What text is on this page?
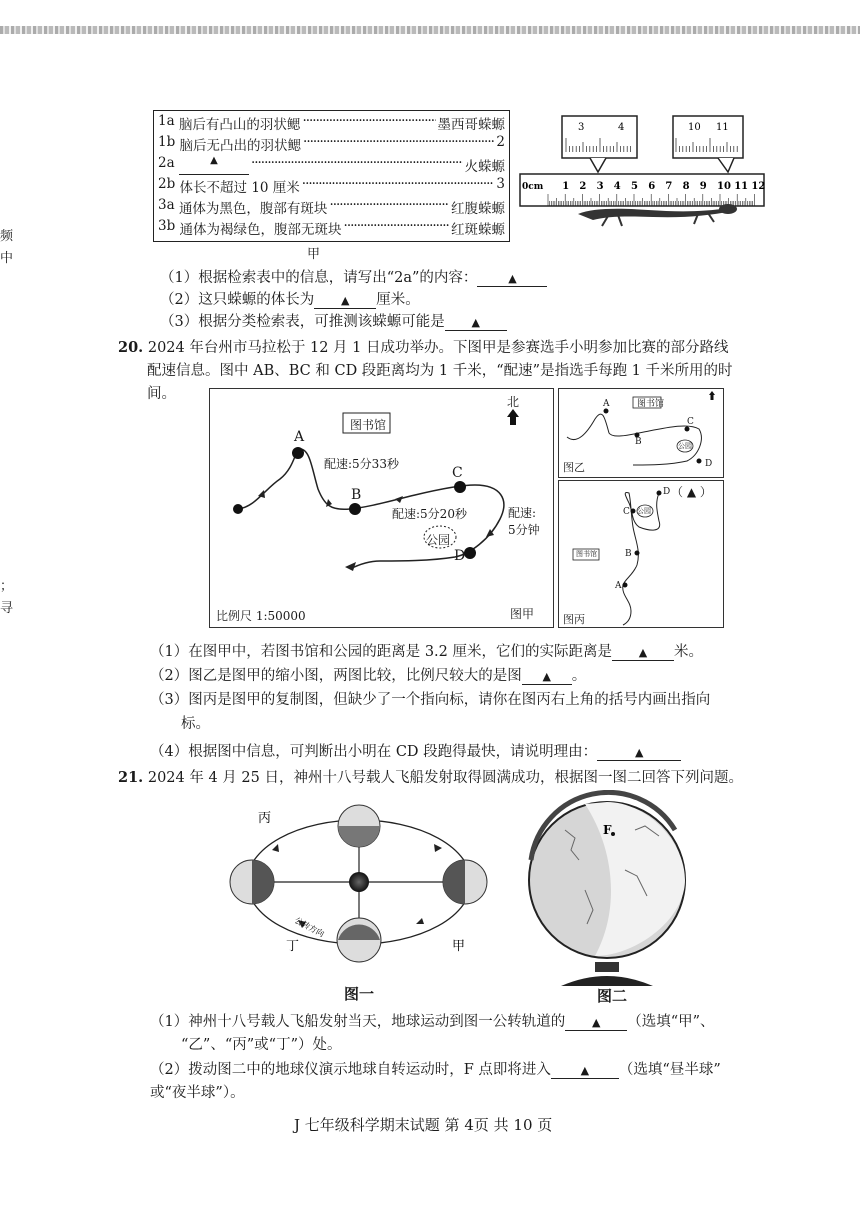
频
中
；
寻
1a
脑后有凸山的羽状鳃 ·····	墨西哥蝾螈
1b
脑后无凸出的羽状鳃 ·····	2
2a
	▲ ·····	火蝾螈
2b
体长不超过 10 厘米 ·····	3
3a
通体为黑色，腹部有斑块 ·····	红腹蝾螈
3b
通体为褐绿色，腹部无斑块 ·····	红斑蝾螈
甲
3	4	10 11
1 2 3 4 5 6 7 8 9 10 11 12
0cm
（1）根据检索表中的信息，请写出“2a”的内容：	▲
（2）这只蝾螈的体长为 ▲ 厘米。
（3）根据分类检索表，可推测该蝾螈可能是 ▲
20. 2024 年台州市马拉松于 12 月 1 日成功举办。下图甲是参赛选手小明参加比赛的部分路线
配速信息。图中 AB、BC 和 CD 段距离均为 1 千米，“配速”是指选手每跑 1 千米所用的时
间。
图书馆
北
A
配速:5分33秒
B
C
配速:5分20秒	配速:
5分钟
公园
D
比例尺 1:50000	图甲
图书馆
A
B
C
D
公园
图乙
（ ▲ ）
图书馆
公园
D
C
B
A
图丙
（1）在图甲中，若图书馆和公园的距离是 3.2 厘米，它们的实际距离是 ▲ 米。
（2）图乙是图甲的缩小图，两图比较，比例尺较大的是图 ▲ 。
（3）图丙是图甲的复制图，但缺少了一个指向标，请你在图丙右上角的括号内画出指向
标。
（4）根据图中信息，可判断出小明在 CD 段跑得最快，请说明理由：	▲
21. 2024 年 4 月 25 日，神州十八号载人飞船发射取得圆满成功，根据图一图二回答下列问题。
丙
丁	甲
公转方向
图一
F
图二
（1）神州十八号载人飞船发射当天，地球运动到图一公转轨道的 ▲ （选填“甲”、
“乙”、“丙”或“丁”）处。
（2）拨动图二中的地球仪演示地球自转运动时，F 点即将进入	▲ （选填“昼半球”
或“夜半球”）。
J 七年级科学期末试题 第 4页 共 10 页
